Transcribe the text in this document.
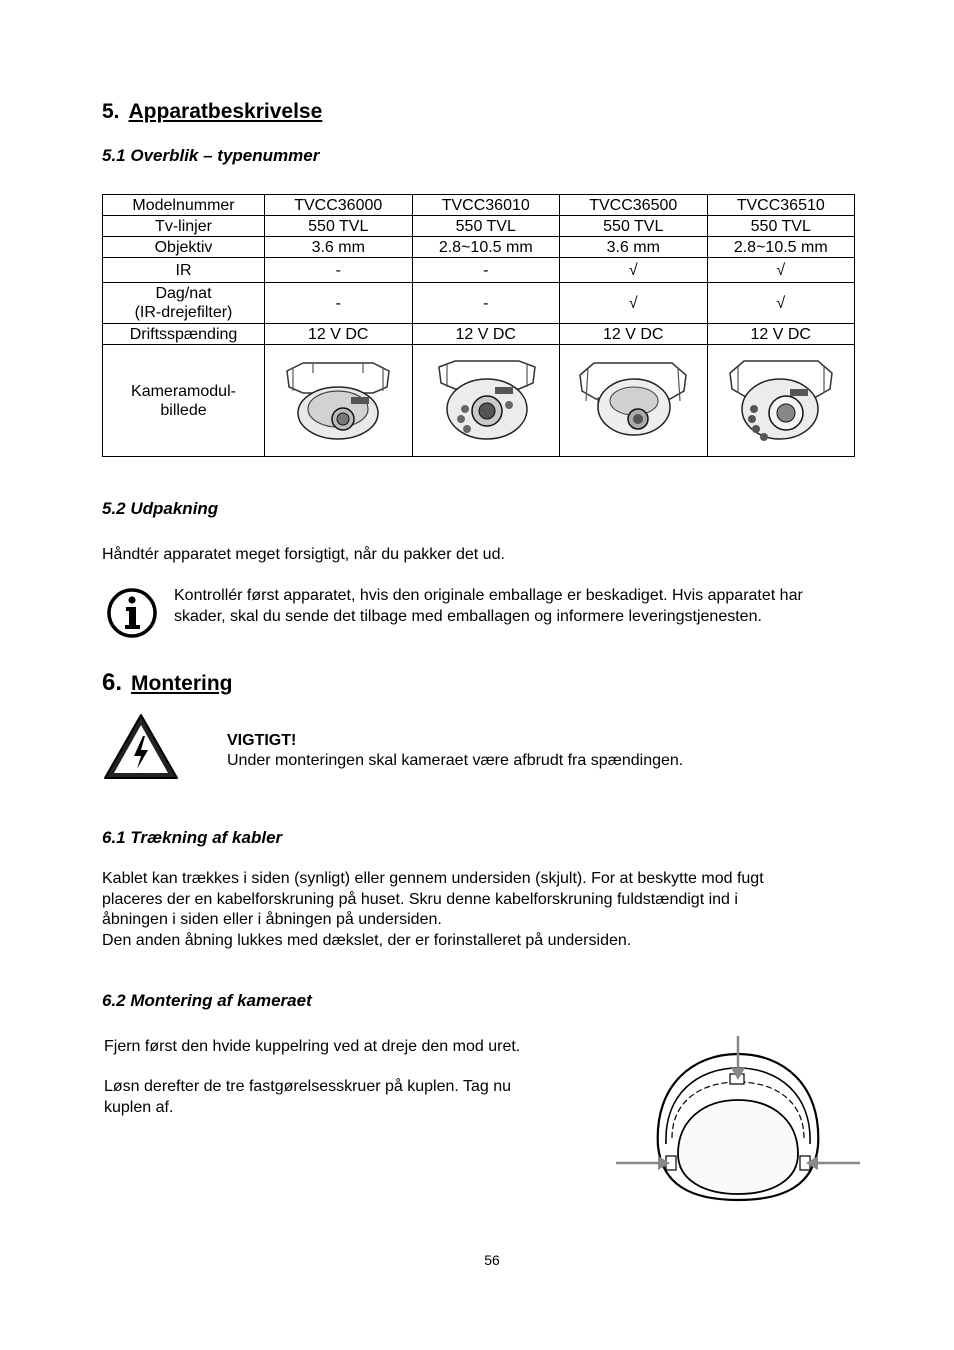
5. Apparatbeskrivelse
5.1 Overblik – typenummer
Modelnummer	TVCC36000	TVCC36010	TVCC36500	TVCC36510
Tv-linjer	550 TVL	550 TVL	550 TVL	550 TVL
Objektiv	3.6 mm	2.8~10.5 mm	3.6 mm	2.8~10.5 mm
IR	-	-	√	√

Dag/nat
(IR-drejefilter)	-	-	√	√
Driftsspænding	12 V DC	12 V DC	12 V DC	12 V DC

Kameramodul-
billede

5.2 Udpakning
Håndtér apparatet meget forsigtigt, når du pakker det ud.
Kontrollér først apparatet, hvis den originale emballage er beskadiget. Hvis apparatet har
skader, skal du sende det tilbage med emballagen og informere leveringstjenesten.
6. Montering
VIGTIGT!
Under monteringen skal kameraet være afbrudt fra spændingen.
6.1 Trækning af kabler
Kablet kan trækkes i siden (synligt) eller gennem undersiden (skjult). For at beskytte mod fugt
placeres der en kabelforskruning på huset. Skru denne kabelforskruning fuldstændigt ind i
åbningen i siden eller i åbningen på undersiden.
Den anden åbning lukkes med dækslet, der er forinstalleret på undersiden.
6.2 Montering af kameraet
Fjern først den hvide kuppelring ved at dreje den mod uret.
Løsn derefter de tre fastgørelsesskruer på kuplen. Tag nu
kuplen af.
56
